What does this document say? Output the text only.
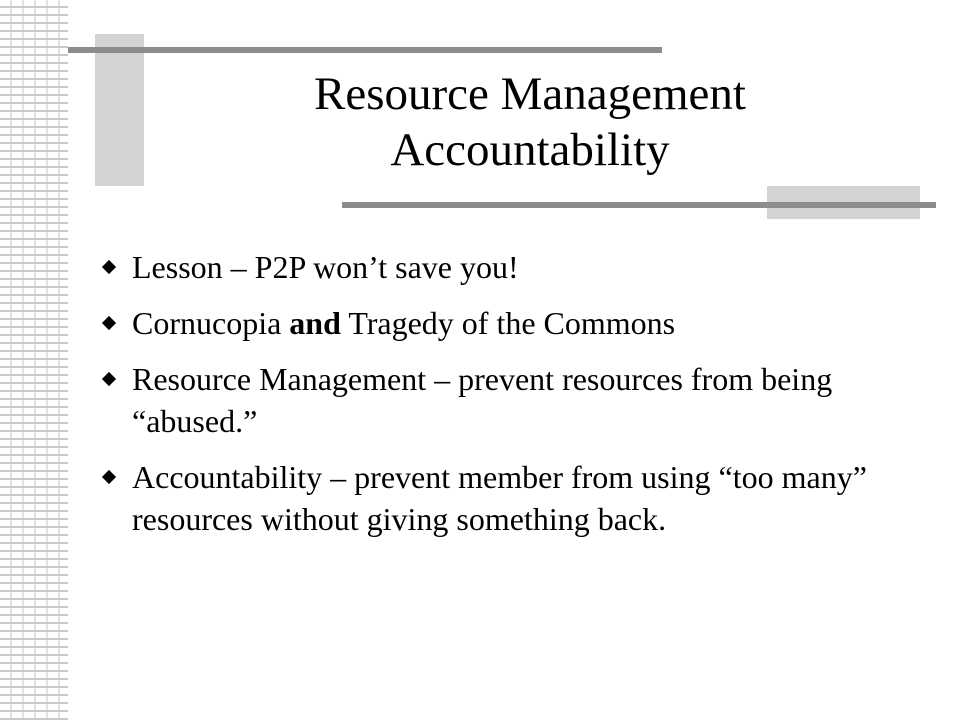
Resource Management
Accountability
Lesson – P2P won’t save you!
Cornucopia and Tragedy of the Commons
Resource Management – prevent resources from being “abused.”
Accountability – prevent member from using “too many” resources without giving something back.
